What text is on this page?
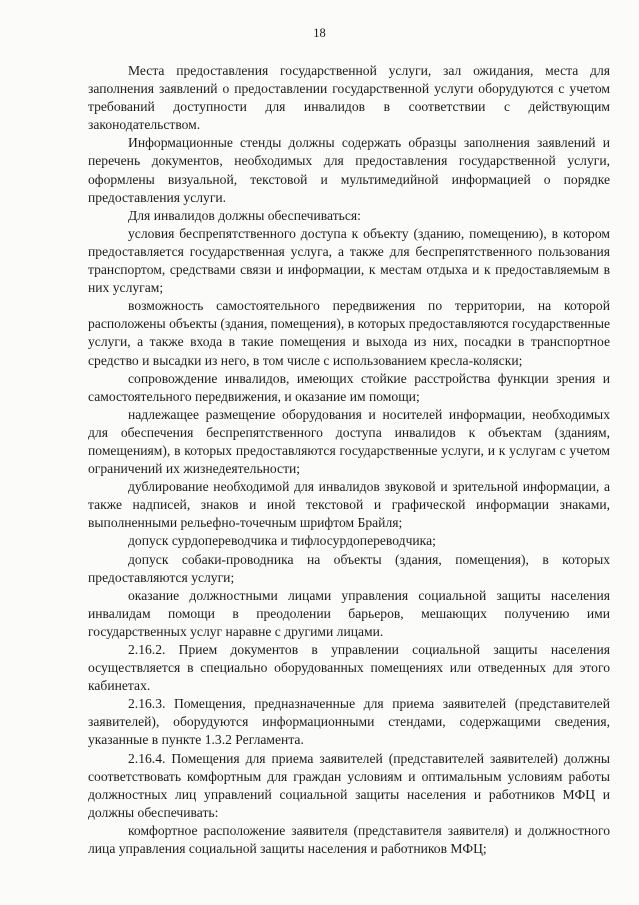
18

Места предоставления государственной услуги, зал ожидания, места для заполнения заявлений о предоставлении государственной услуги оборудуются с учетом требований доступности для инвалидов в соответствии с действующим законодательством.

Информационные стенды должны содержать образцы заполнения заявлений и перечень документов, необходимых для предоставления государственной услуги, оформлены визуальной, текстовой и мультимедийной информацией о порядке предоставления услуги.

Для инвалидов должны обеспечиваться:

условия беспрепятственного доступа к объекту (зданию, помещению), в котором предоставляется государственная услуга, а также для беспрепятственного пользования транспортом, средствами связи и информации, к местам отдыха и к предоставляемым в них услугам;

возможность самостоятельного передвижения по территории, на которой расположены объекты (здания, помещения), в которых предоставляются государственные услуги, а также входа в такие помещения и выхода из них, посадки в транспортное средство и высадки из него, в том числе с использованием кресла-коляски;

сопровождение инвалидов, имеющих стойкие расстройства функции зрения и самостоятельного передвижения, и оказание им помощи;

надлежащее размещение оборудования и носителей информации, необходимых для обеспечения беспрепятственного доступа инвалидов к объектам (зданиям, помещениям), в которых предоставляются государственные услуги, и к услугам с учетом ограничений их жизнедеятельности;

дублирование необходимой для инвалидов звуковой и зрительной информации, а также надписей, знаков и иной текстовой и графической информации знаками, выполненными рельефно-точечным шрифтом Брайля;

допуск сурдопереводчика и тифлосурдопереводчика;

допуск собаки-проводника на объекты (здания, помещения), в которых предоставляются услуги;

оказание должностными лицами управления социальной защиты населения инвалидам помощи в преодолении барьеров, мешающих получению ими государственных услуг наравне с другими лицами.

2.16.2. Прием документов в управлении социальной защиты населения осуществляется в специально оборудованных помещениях или отведенных для этого кабинетах.

2.16.3. Помещения, предназначенные для приема заявителей (представителей заявителей), оборудуются информационными стендами, содержащими сведения, указанные в пункте 1.3.2 Регламента.

2.16.4. Помещения для приема заявителей (представителей заявителей) должны соответствовать комфортным для граждан условиям и оптимальным условиям работы должностных лиц управлений социальной защиты населения и работников МФЦ и должны обеспечивать:

комфортное расположение заявителя (представителя заявителя) и должностного лица управления социальной защиты населения и работников МФЦ;
